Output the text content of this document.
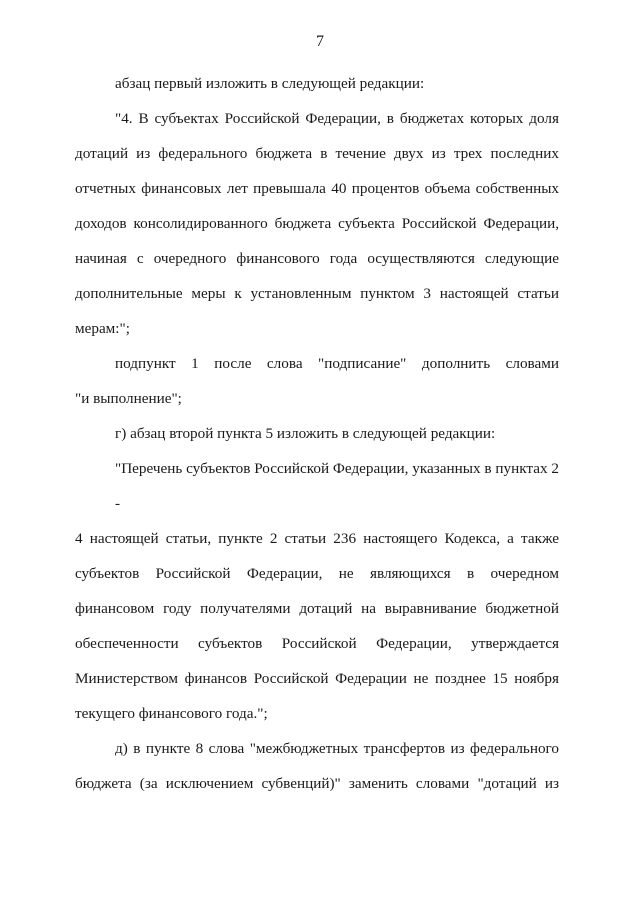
7

абзац первый изложить в следующей редакции:

"4. В субъектах Российской Федерации, в бюджетах которых доля
дотаций из федерального бюджета в течение двух из трех последних
отчетных финансовых лет превышала 40 процентов объема собственных
доходов консолидированного бюджета субъекта Российской Федерации,
начиная с очередного финансового года осуществляются следующие
дополнительные меры к установленным пунктом 3 настоящей статьи
мерам:";

подпункт 1 после слова "подписание" дополнить словами
"и выполнение";

г) абзац второй пункта 5 изложить в следующей редакции:

"Перечень субъектов Российской Федерации, указанных в пунктах 2 -
4 настоящей статьи, пункте 2 статьи 236 настоящего Кодекса, а также
субъектов Российской Федерации, не являющихся в очередном
финансовом году получателями дотаций на выравнивание бюджетной
обеспеченности субъектов Российской Федерации, утверждается
Министерством финансов Российской Федерации не позднее 15 ноября
текущего финансового года.";

д) в пункте 8 слова "межбюджетных трансфертов из федерального
бюджета (за исключением субвенций)" заменить словами "дотаций из
